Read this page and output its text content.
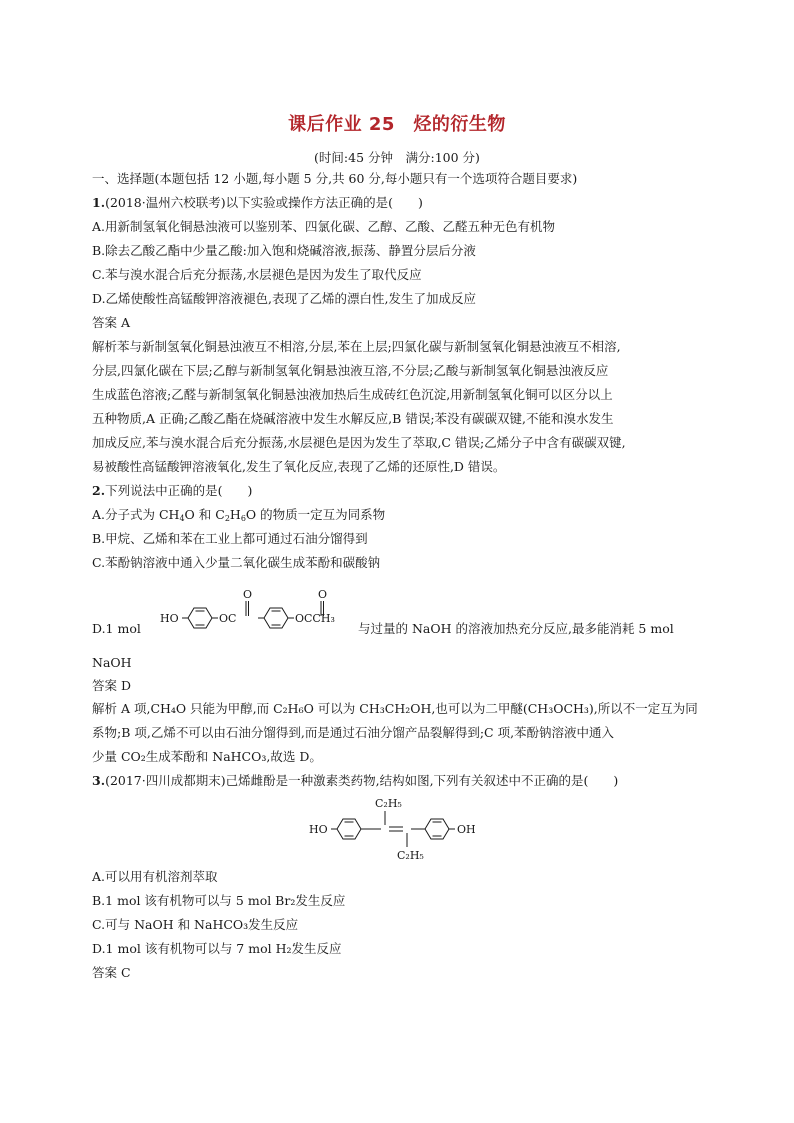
课后作业 25　烃的衍生物
(时间:45 分钟　满分:100 分)
一、选择题(本题包括 12 小题,每小题 5 分,共 60 分,每小题只有一个选项符合题目要求)
1.(2018·温州六校联考)以下实验或操作方法正确的是(　　)
A.用新制氢氧化铜悬浊液可以鉴别苯、四氯化碳、乙醇、乙酸、乙醛五种无色有机物
B.除去乙酸乙酯中少量乙酸:加入饱和烧碱溶液,振荡、静置分层后分液
C.苯与溴水混合后充分振荡,水层褪色是因为发生了取代反应
D.乙烯使酸性高锰酸钾溶液褪色,表现了乙烯的漂白性,发生了加成反应
答案 A
解析苯与新制氢氧化铜悬浊液互不相溶,分层,苯在上层;四氯化碳与新制氢氧化铜悬浊液互不相溶,
分层,四氯化碳在下层;乙醇与新制氢氧化铜悬浊液互溶,不分层;乙酸与新制氢氧化铜悬浊液反应
生成蓝色溶液;乙醛与新制氢氧化铜悬浊液加热后生成砖红色沉淀,用新制氢氧化铜可以区分以上
五种物质,A 正确;乙酸乙酯在烧碱溶液中发生水解反应,B 错误;苯没有碳碳双键,不能和溴水发生
加成反应,苯与溴水混合后充分振荡,水层褪色是因为发生了萃取,C 错误;乙烯分子中含有碳碳双键,
易被酸性高锰酸钾溶液氧化,发生了氧化反应,表现了乙烯的还原性,D 错误。
2.下列说法中正确的是(　　)
A.分子式为 $CH_4O$ 和 $C_2H_6O$ 的物质一定互为同系物
B.甲烷、乙烯和苯在工业上都可通过石油分馏得到
C.苯酚钠溶液中通入少量二氧化碳生成苯酚和碳酸钠
D.1 mol
HO	OC
O
OCCH₃
O
与过量的 NaOH 的溶液加热充分反应,最多能消耗 5 mol
NaOH
答案 D
解析 A 项,CH₄O 只能为甲醇,而 C₂H₆O 可以为 CH₃CH₂OH,也可以为二甲醚(CH₃OCH₃),所以不一定互为同
系物;B 项,乙烯不可以由石油分馏得到,而是通过石油分馏产品裂解得到;C 项,苯酚钠溶液中通入
少量 CO₂生成苯酚和 NaHCO₃,故选 D。
3.(2017·四川成都期末)己烯雌酚是一种激素类药物,结构如图,下列有关叙述中不正确的是(　　)
HO	OH
C₂H₅
C₂H₅
A.可以用有机溶剂萃取
B.1 mol 该有机物可以与 5 mol Br₂发生反应
C.可与 NaOH 和 NaHCO₃发生反应
D.1 mol 该有机物可以与 7 mol H₂发生反应
答案 C
